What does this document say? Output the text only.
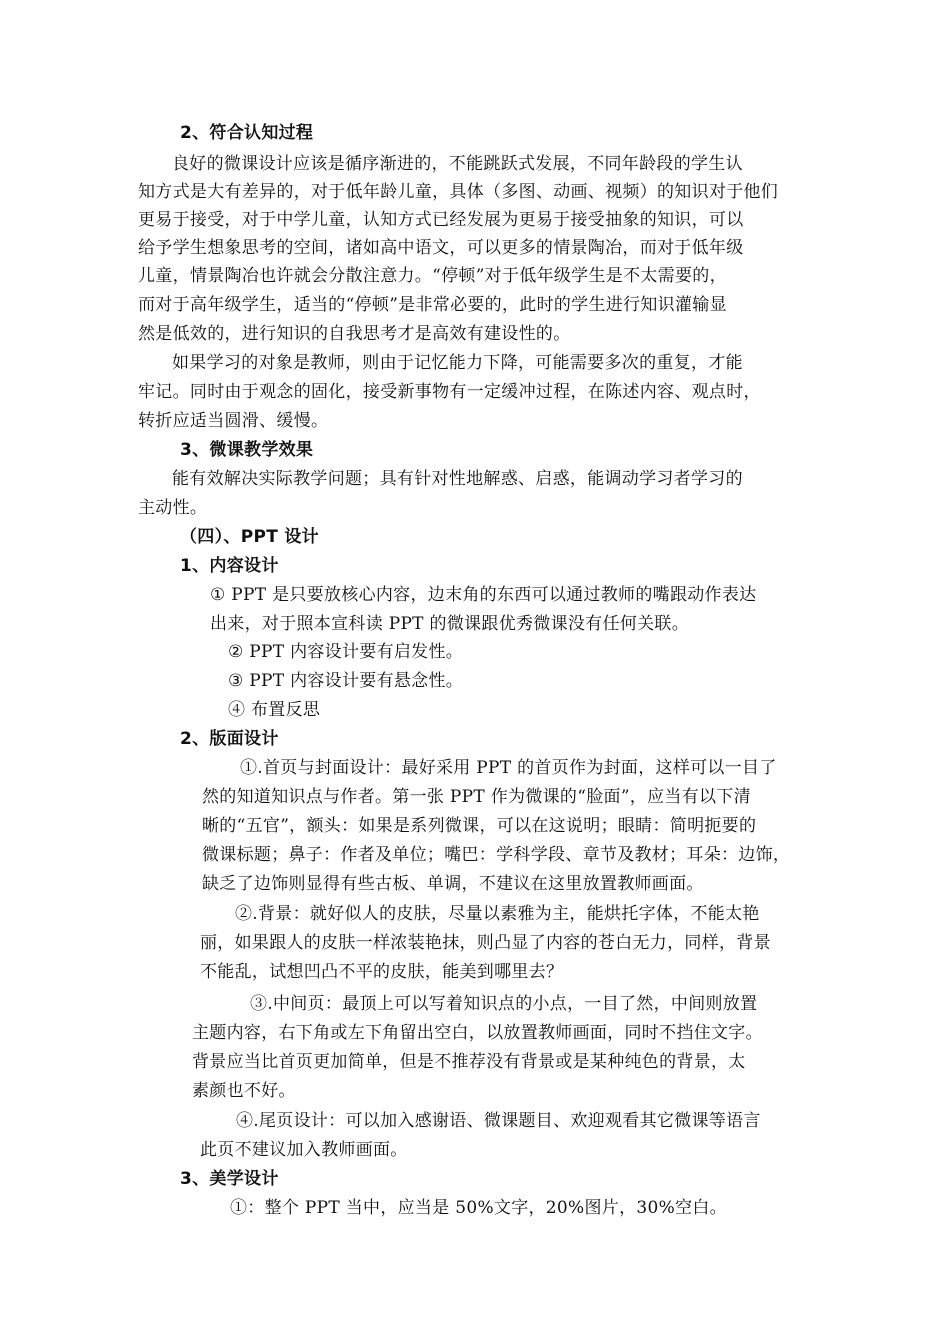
2、符合认知过程
良好的微课设计应该是循序渐进的，不能跳跃式发展，不同年龄段的学生认
知方式是大有差异的，对于低年龄儿童，具体（多图、动画、视频）的知识对于他们
更易于接受，对于中学儿童，认知方式已经发展为更易于接受抽象的知识，可以
给予学生想象思考的空间，诸如高中语文，可以更多的情景陶冶，而对于低年级
儿童，情景陶冶也许就会分散注意力。“停顿”对于低年级学生是不太需要的，
而对于高年级学生，适当的“停顿”是非常必要的，此时的学生进行知识灌输显
然是低效的，进行知识的自我思考才是高效有建设性的。
如果学习的对象是教师，则由于记忆能力下降，可能需要多次的重复，才能
牢记。同时由于观念的固化，接受新事物有一定缓冲过程，在陈述内容、观点时，
转折应适当圆滑、缓慢。
3、微课教学效果
能有效解决实际教学问题；具有针对性地解惑、启惑，能调动学习者学习的
主动性。
（四）、PPT 设计
1、内容设计
① PPT 是只要放核心内容，边末角的东西可以通过教师的嘴跟动作表达
出来，对于照本宣科读 PPT 的微课跟优秀微课没有任何关联。
② PPT 内容设计要有启发性。
③ PPT 内容设计要有悬念性。
④ 布置反思
2、版面设计
①.首页与封面设计：最好采用 PPT 的首页作为封面，这样可以一目了
然的知道知识点与作者。第一张 PPT 作为微课的“脸面”，应当有以下清
晰的“五官”，额头：如果是系列微课，可以在这说明；眼睛：简明扼要的
微课标题；鼻子：作者及单位；嘴巴：学科学段、章节及教材；耳朵：边饰，
缺乏了边饰则显得有些古板、单调，不建议在这里放置教师画面。
②.背景：就好似人的皮肤，尽量以素雅为主，能烘托字体，不能太艳
丽，如果跟人的皮肤一样浓装艳抹，则凸显了内容的苍白无力，同样，背景
不能乱，试想凹凸不平的皮肤，能美到哪里去？
③.中间页：最顶上可以写着知识点的小点，一目了然，中间则放置
主题内容，右下角或左下角留出空白，以放置教师画面，同时不挡住文字。
背景应当比首页更加简单，但是不推荐没有背景或是某种纯色的背景，太
素颜也不好。
④.尾页设计：可以加入感谢语、微课题目、欢迎观看其它微课等语言
此页不建议加入教师画面。
3、美学设计
①：整个 PPT 当中，应当是 50%文字，20%图片，30%空白。
